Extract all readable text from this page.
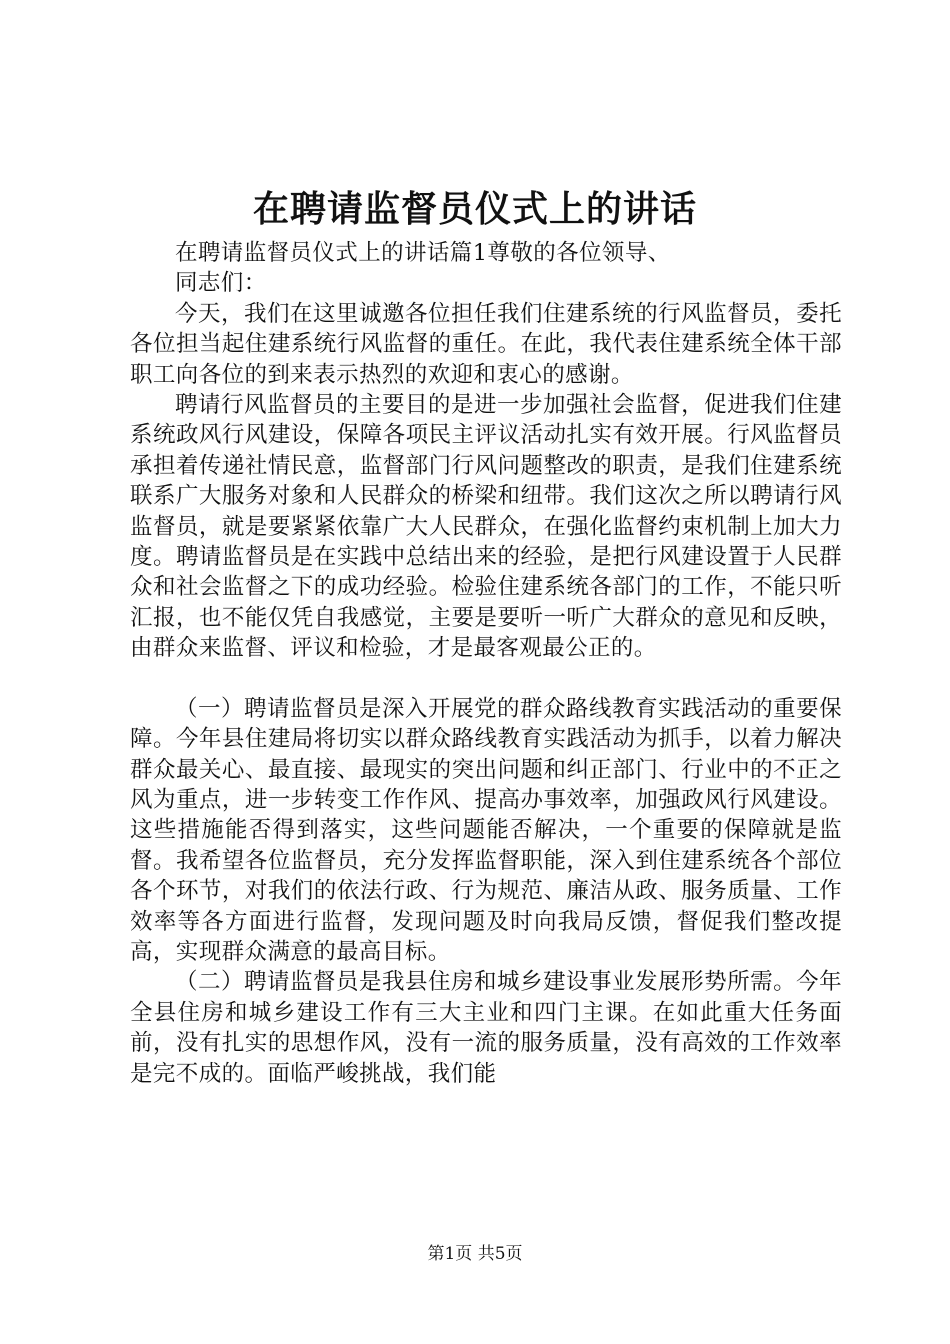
在聘请监督员仪式上的讲话

在聘请监督员仪式上的讲话篇1尊敬的各位领导、

同志们：

今天，我们在这里诚邀各位担任我们住建系统的行风监督员，委托各位担当起住建系统行风监督的重任。在此，我代表住建系统全体干部职工向各位的到来表示热烈的欢迎和衷心的感谢。

聘请行风监督员的主要目的是进一步加强社会监督，促进我们住建系统政风行风建设，保障各项民主评议活动扎实有效开展。行风监督员承担着传递社情民意，监督部门行风问题整改的职责，是我们住建系统联系广大服务对象和人民群众的桥梁和纽带。我们这次之所以聘请行风监督员，就是要紧紧依靠广大人民群众，在强化监督约束机制上加大力度。聘请监督员是在实践中总结出来的经验，是把行风建设置于人民群众和社会监督之下的成功经验。检验住建系统各部门的工作，不能只听汇报，也不能仅凭自我感觉，主要是要听一听广大群众的意见和反映，由群众来监督、评议和检验，才是最客观最公正的。

（一）聘请监督员是深入开展党的群众路线教育实践活动的重要保障。今年县住建局将切实以群众路线教育实践活动为抓手，以着力解决群众最关心、最直接、最现实的突出问题和纠正部门、行业中的不正之风为重点，进一步转变工作作风、提高办事效率，加强政风行风建设。这些措施能否得到落实，这些问题能否解决，一个重要的保障就是监督。我希望各位监督员，充分发挥监督职能，深入到住建系统各个部位各个环节，对我们的依法行政、行为规范、廉洁从政、服务质量、工作效率等各方面进行监督，发现问题及时向我局反馈，督促我们整改提高，实现群众满意的最高目标。

（二）聘请监督员是我县住房和城乡建设事业发展形势所需。今年全县住房和城乡建设工作有三大主业和四门主课。在如此重大任务面前，没有扎实的思想作风，没有一流的服务质量，没有高效的工作效率是完不成的。面临严峻挑战，我们能

第1页 共5页
